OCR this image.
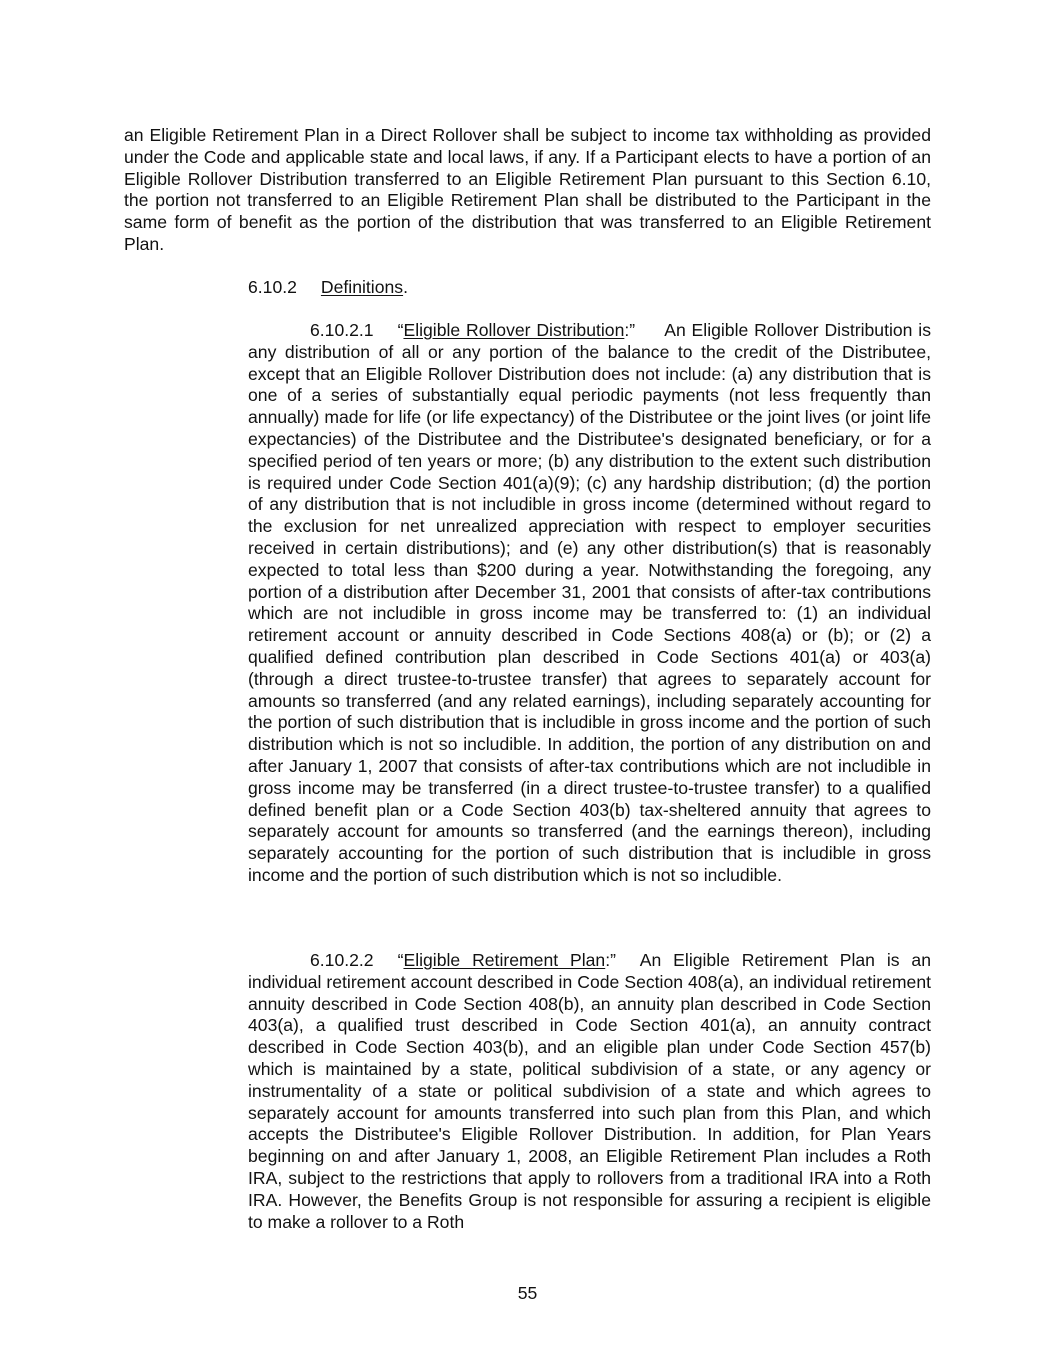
an Eligible Retirement Plan in a Direct Rollover shall be subject to income tax withholding as provided under the Code and applicable state and local laws, if any. If a Participant elects to have a portion of an Eligible Rollover Distribution transferred to an Eligible Retirement Plan pursuant to this Section 6.10, the portion not transferred to an Eligible Retirement Plan shall be distributed to the Participant in the same form of benefit as the portion of the distribution that was transferred to an Eligible Retirement Plan.
6.10.2 Definitions.
6.10.2.1 “Eligible Rollover Distribution:” An Eligible Rollover Distribution is any distribution of all or any portion of the balance to the credit of the Distributee, except that an Eligible Rollover Distribution does not include: (a) any distribution that is one of a series of substantially equal periodic payments (not less frequently than annually) made for life (or life expectancy) of the Distributee or the joint lives (or joint life expectancies) of the Distributee and the Distributee's designated beneficiary, or for a specified period of ten years or more; (b) any distribution to the extent such distribution is required under Code Section 401(a)(9); (c) any hardship distribution; (d) the portion of any distribution that is not includible in gross income (determined without regard to the exclusion for net unrealized appreciation with respect to employer securities received in certain distributions); and (e) any other distribution(s) that is reasonably expected to total less than $200 during a year. Notwithstanding the foregoing, any portion of a distribution after December 31, 2001 that consists of after-tax contributions which are not includible in gross income may be transferred to: (1) an individual retirement account or annuity described in Code Sections 408(a) or (b); or (2) a qualified defined contribution plan described in Code Sections 401(a) or 403(a) (through a direct trustee-to-trustee transfer) that agrees to separately account for amounts so transferred (and any related earnings), including separately accounting for the portion of such distribution that is includible in gross income and the portion of such distribution which is not so includible. In addition, the portion of any distribution on and after January 1, 2007 that consists of after-tax contributions which are not includible in gross income may be transferred (in a direct trustee-to-trustee transfer) to a qualified defined benefit plan or a Code Section 403(b) tax-sheltered annuity that agrees to separately account for amounts so transferred (and the earnings thereon), including separately accounting for the portion of such distribution that is includible in gross income and the portion of such distribution which is not so includible.
6.10.2.2 “Eligible Retirement Plan:” An Eligible Retirement Plan is an individual retirement account described in Code Section 408(a), an individual retirement annuity described in Code Section 408(b), an annuity plan described in Code Section 403(a), a qualified trust described in Code Section 401(a), an annuity contract described in Code Section 403(b), and an eligible plan under Code Section 457(b) which is maintained by a state, political subdivision of a state, or any agency or instrumentality of a state or political subdivision of a state and which agrees to separately account for amounts transferred into such plan from this Plan, and which accepts the Distributee's Eligible Rollover Distribution. In addition, for Plan Years beginning on and after January 1, 2008, an Eligible Retirement Plan includes a Roth IRA, subject to the restrictions that apply to rollovers from a traditional IRA into a Roth IRA. However, the Benefits Group is not responsible for assuring a recipient is eligible to make a rollover to a Roth
55
